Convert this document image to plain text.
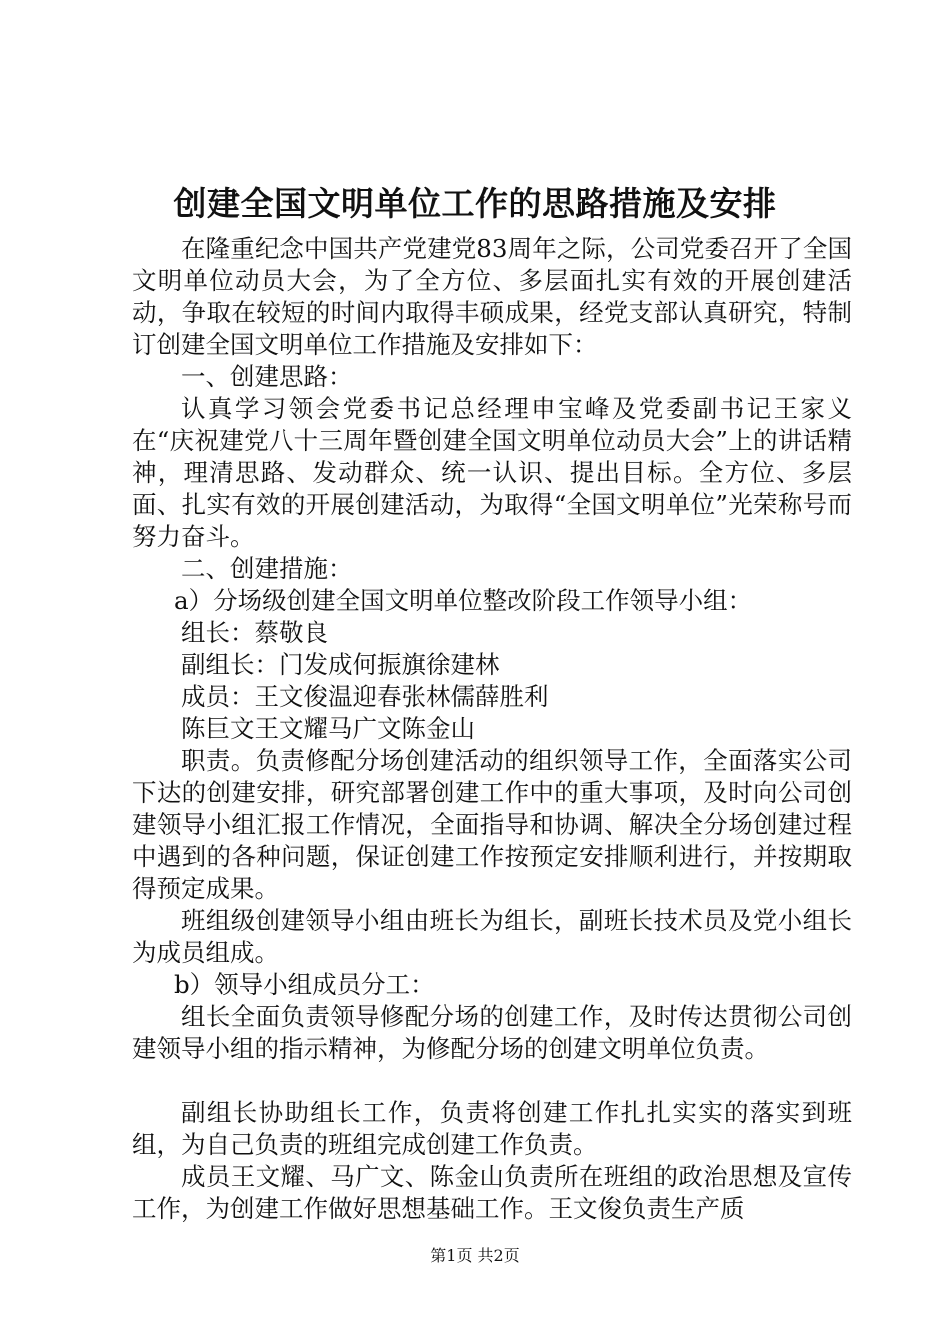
创建全国文明单位工作的思路措施及安排

在隆重纪念中国共产党建党83周年之际，公司党委召开了全国文明单位动员大会，为了全方位、多层面扎实有效的开展创建活动，争取在较短的时间内取得丰硕成果，经党支部认真研究，特制订创建全国文明单位工作措施及安排如下：

一、创建思路：

认真学习领会党委书记总经理申宝峰及党委副书记王家义在“庆祝建党八十三周年暨创建全国文明单位动员大会”上的讲话精神，理清思路、发动群众、统一认识、提出目标。全方位、多层面、扎实有效的开展创建活动，为取得“全国文明单位”光荣称号而努力奋斗。

二、创建措施：

a）分场级创建全国文明单位整改阶段工作领导小组：

组长：蔡敬良

副组长：门发成何振旗徐建林

成员：王文俊温迎春张林儒薛胜利

陈巨文王文耀马广文陈金山

职责。负责修配分场创建活动的组织领导工作，全面落实公司下达的创建安排，研究部署创建工作中的重大事项，及时向公司创建领导小组汇报工作情况，全面指导和协调、解决全分场创建过程中遇到的各种问题，保证创建工作按预定安排顺利进行，并按期取得预定成果。

班组级创建领导小组由班长为组长，副班长技术员及党小组长为成员组成。

b）领导小组成员分工：

组长全面负责领导修配分场的创建工作，及时传达贯彻公司创建领导小组的指示精神，为修配分场的创建文明单位负责。

副组长协助组长工作，负责将创建工作扎扎实实的落实到班组，为自己负责的班组完成创建工作负责。

成员王文耀、马广文、陈金山负责所在班组的政治思想及宣传工作，为创建工作做好思想基础工作。王文俊负责生产质

第1页 共2页
